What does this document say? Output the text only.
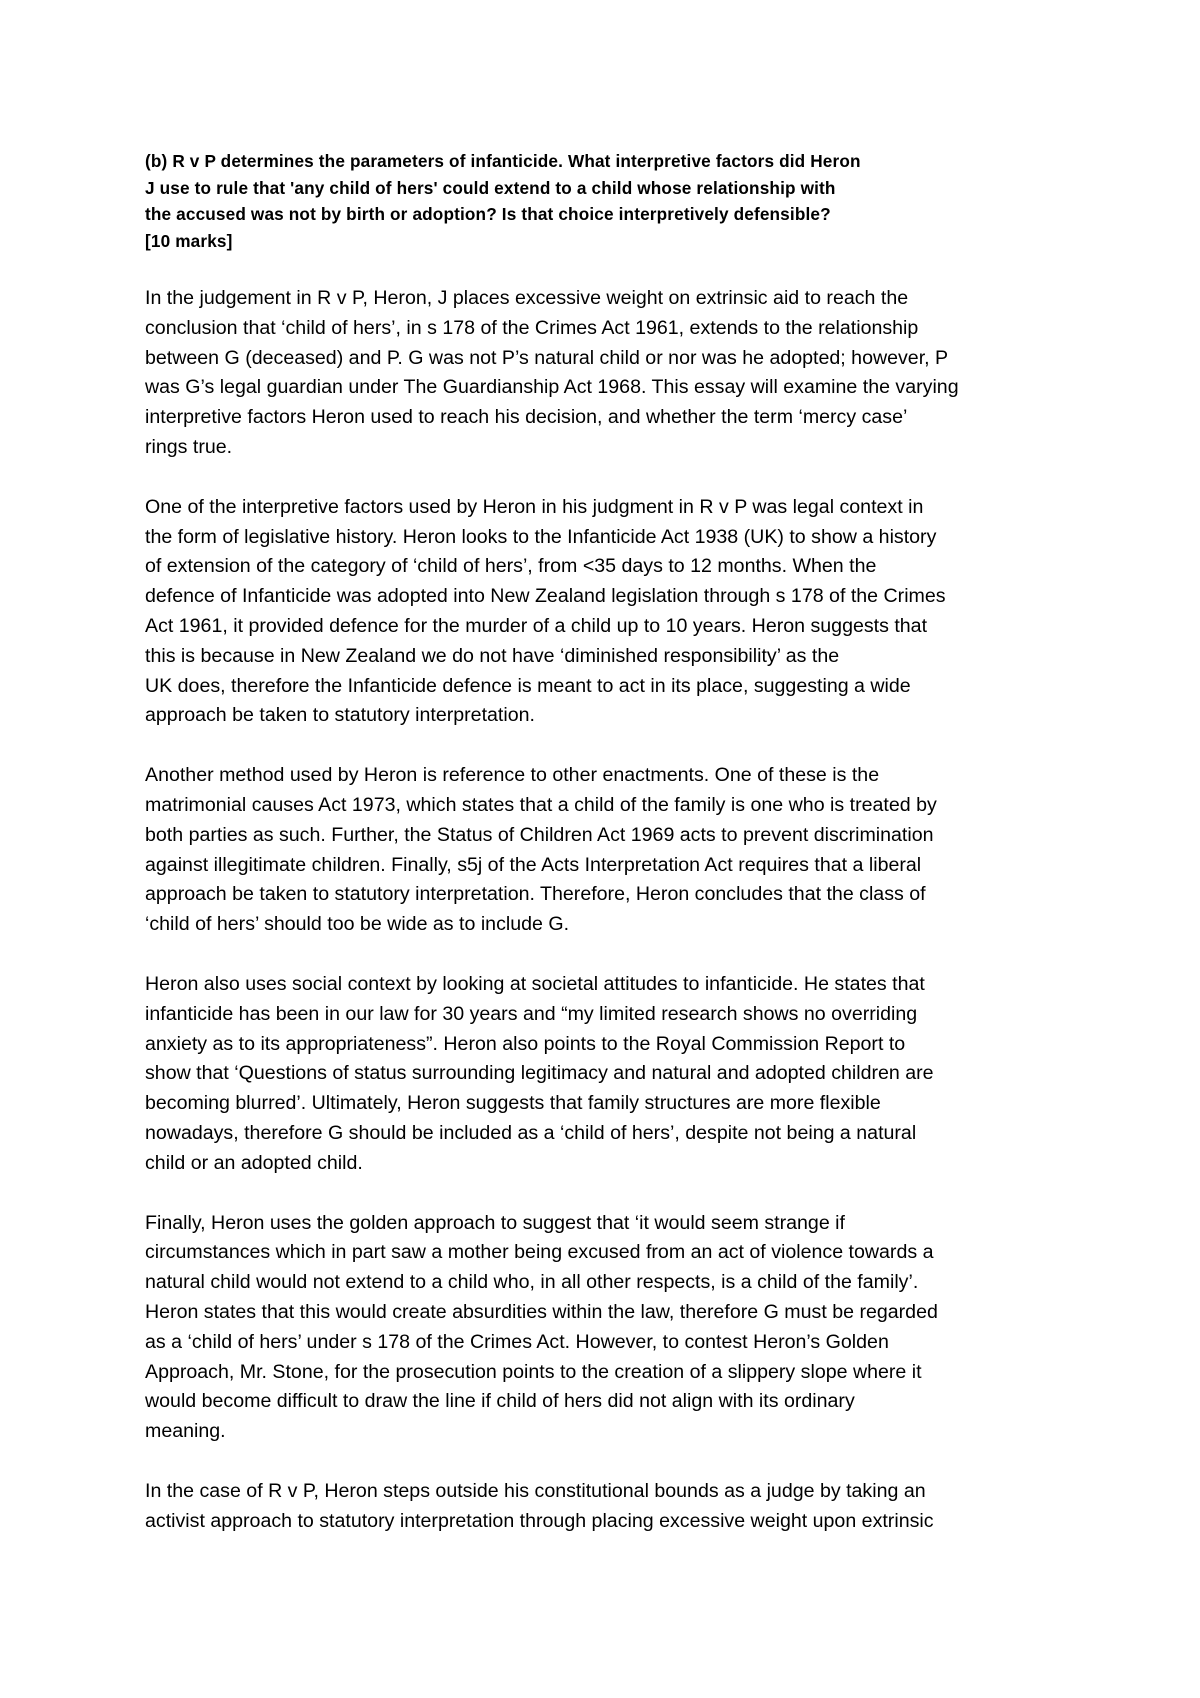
(b) R v P determines the parameters of infanticide. What interpretive factors did Heron
J use to rule that 'any child of hers' could extend to a child whose relationship with
the accused was not by birth or adoption? Is that choice interpretively defensible?
[10 marks]

In the judgement in R v P, Heron, J places excessive weight on extrinsic aid to reach the
conclusion that ‘child of hers’, in s 178 of the Crimes Act 1961, extends to the relationship
between G (deceased) and P. G was not P’s natural child or nor was he adopted; however, P
was G’s legal guardian under The Guardianship Act 1968. This essay will examine the varying
interpretive factors Heron used to reach his decision, and whether the term ‘mercy case’
rings true.

One of the interpretive factors used by Heron in his judgment in R v P was legal context in
the form of legislative history. Heron looks to the Infanticide Act 1938 (UK) to show a history
of extension of the category of ‘child of hers’, from <35 days to 12 months. When the
defence of Infanticide was adopted into New Zealand legislation through s 178 of the Crimes
Act 1961, it provided defence for the murder of a child up to 10 years. Heron suggests that
this is because in New Zealand we do not have ‘diminished responsibility’ as the
UK does, therefore the Infanticide defence is meant to act in its place, suggesting a wide
approach be taken to statutory interpretation.

Another method used by Heron is reference to other enactments. One of these is the
matrimonial causes Act 1973, which states that a child of the family is one who is treated by
both parties as such. Further, the Status of Children Act 1969 acts to prevent discrimination
against illegitimate children. Finally, s5j of the Acts Interpretation Act requires that a liberal
approach be taken to statutory interpretation. Therefore, Heron concludes that the class of
‘child of hers’ should too be wide as to include G.

Heron also uses social context by looking at societal attitudes to infanticide. He states that
infanticide has been in our law for 30 years and “my limited research shows no overriding
anxiety as to its appropriateness”. Heron also points to the Royal Commission Report to
show that ‘Questions of status surrounding legitimacy and natural and adopted children are
becoming blurred’. Ultimately, Heron suggests that family structures are more flexible
nowadays, therefore G should be included as a ‘child of hers’, despite not being a natural
child or an adopted child.

Finally, Heron uses the golden approach to suggest that ‘it would seem strange if
circumstances which in part saw a mother being excused from an act of violence towards a
natural child would not extend to a child who, in all other respects, is a child of the family’.
Heron states that this would create absurdities within the law, therefore G must be regarded
as a ‘child of hers’ under s 178 of the Crimes Act. However, to contest Heron’s Golden
Approach, Mr. Stone, for the prosecution points to the creation of a slippery slope where it
would become difficult to draw the line if child of hers did not align with its ordinary
meaning.

In the case of R v P, Heron steps outside his constitutional bounds as a judge by taking an
activist approach to statutory interpretation through placing excessive weight upon extrinsic
